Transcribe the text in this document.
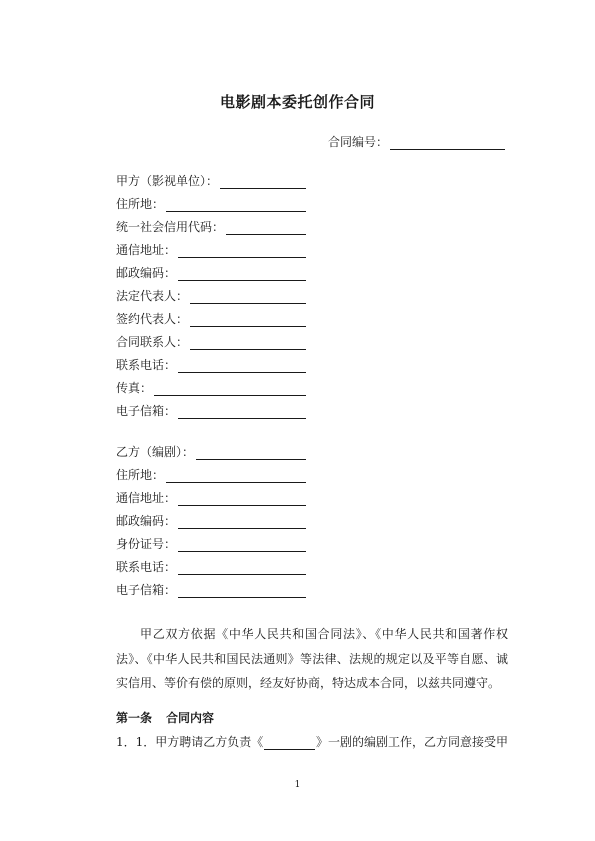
电影剧本委托创作合同
合同编号：
甲方（影视单位）：
住所地：
统一社会信用代码：
通信地址：
邮政编码：
法定代表人：
签约代表人：
合同联系人：
联系电话：
传真：
电子信箱：
乙方（编剧）：
住所地：
通信地址：
邮政编码：
身份证号：
联系电话：
电子信箱：
甲乙双方依据《中华人民共和国合同法》、《中华人民共和国著作权法》、《中华人民共和国民法通则》等法律、法规的规定以及平等自愿、诚实信用、等价有偿的原则，经友好协商，特达成本合同，以兹共同遵守。
第一条 合同内容
1．1．甲方聘请乙方负责《	》一剧的编剧工作，乙方同意接受甲
1
